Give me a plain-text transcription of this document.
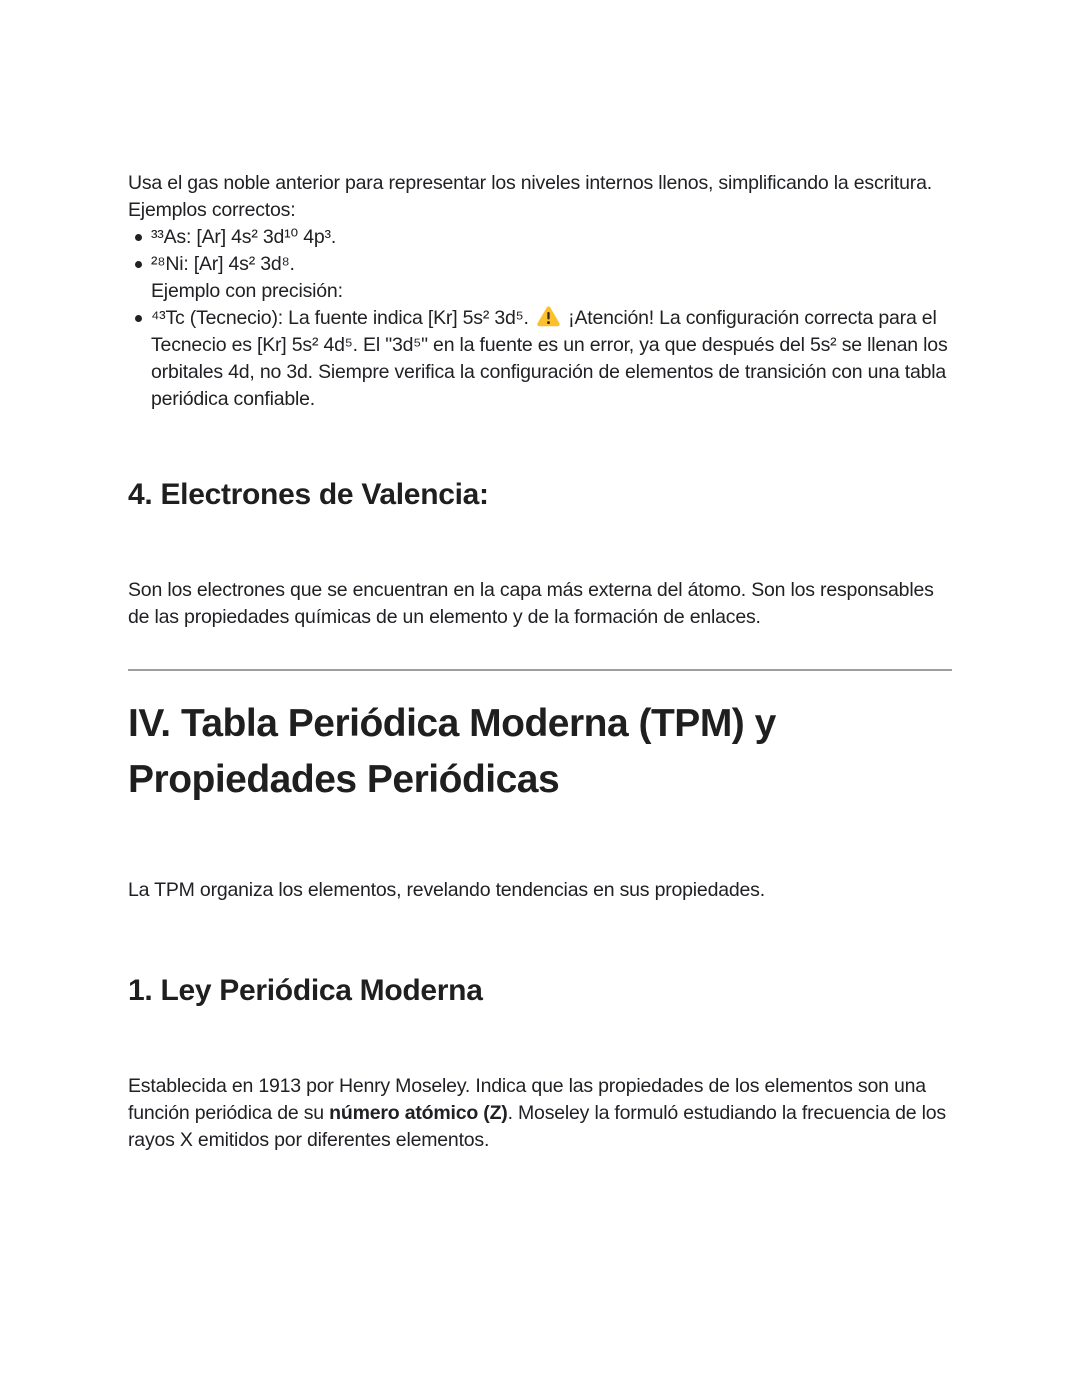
Usa el gas noble anterior para representar los niveles internos llenos, simplificando la escritura.

Ejemplos correctos:

³³As: [Ar] 4s² 3d¹⁰ 4p³.
²⁸Ni: [Ar] 4s² 3d⁸.
Ejemplo con precisión:
⁴³Tc (Tecnecio): La fuente indica [Kr] 5s² 3d⁵.  ¡Atención! La configuración correcta para el Tecnecio es [Kr] 5s² 4d⁵. El "3d⁵" en la fuente es un error, ya que después del 5s² se llenan los orbitales 4d, no 3d. Siempre verifica la configuración de elementos de transición con una tabla periódica confiable.
4. Electrones de Valencia:

Son los electrones que se encuentran en la capa más externa del átomo. Son los responsables de las propiedades químicas de un elemento y de la formación de enlaces.

IV. Tabla Periódica Moderna (TPM) y Propiedades Periódicas

La TPM organiza los elementos, revelando tendencias en sus propiedades.

1. Ley Periódica Moderna

Establecida en 1913 por Henry Moseley. Indica que las propiedades de los elementos son una función periódica de su número atómico (Z). Moseley la formuló estudiando la frecuencia de los rayos X emitidos por diferentes elementos.
